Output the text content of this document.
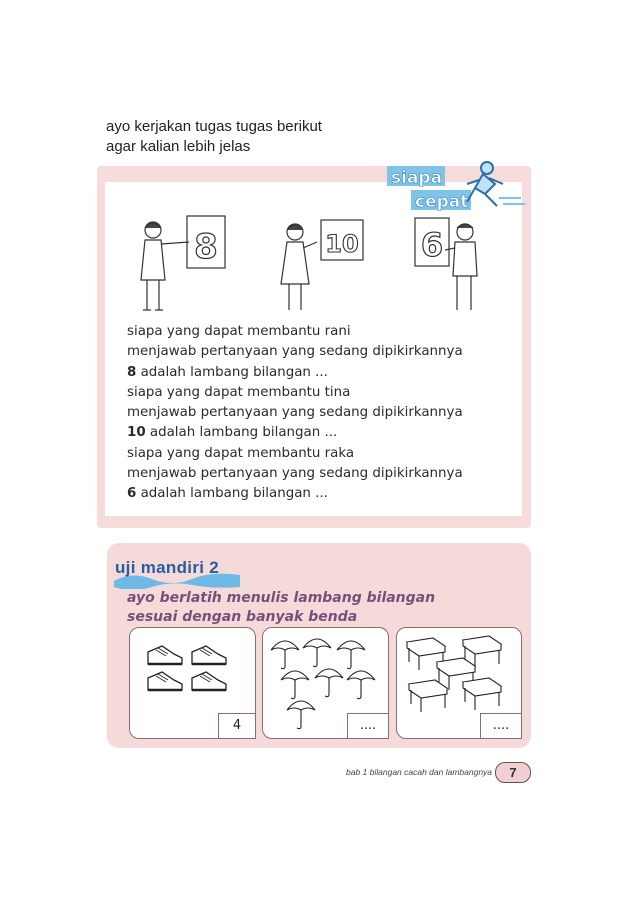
ayo kerjakan tugas tugas berikut
agar kalian lebih jelas
siapa
cepat
8	10 6
siapa yang dapat membantu rani
menjawab pertanyaan yang sedang dipikirkannya
8 adalah lambang bilangan ...
siapa yang dapat membantu tina
menjawab pertanyaan yang sedang dipikirkannya
10 adalah lambang bilangan ...
siapa yang dapat membantu raka
menjawab pertanyaan yang sedang dipikirkannya
6 adalah lambang bilangan ...
uji mandiri 2
ayo berlatih menulis lambang bilangan
sesuai dengan banyak benda
4	....	....
bab 1 bilangan cacah dan lambangnya	7
